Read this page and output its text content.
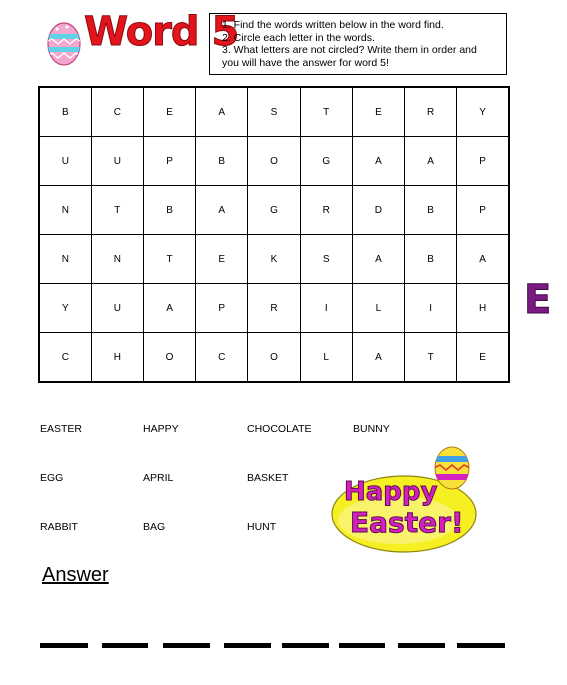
Word 5
1. Find the words written below in the word find.
2. Circle each letter in the words.
3. What letters are not circled? Write them in order and
you will have the answer for word 5!
B	C	E	A	S	T	E	R	Y
U	U	P	B	O	G	A	A	P
N	T	B	A	G	R	D	B	P
N	N	T	E	K	S	A	B	A
Y	U	A	P	R	I	L	I	H
C	H	O	C	O	L	A	T	E
E
EASTER	HAPPY	CHOCOLATE	BUNNY
EGG	APRIL	BASKET
RABBIT	BAG	HUNT
Happy
Easter!
Answer
